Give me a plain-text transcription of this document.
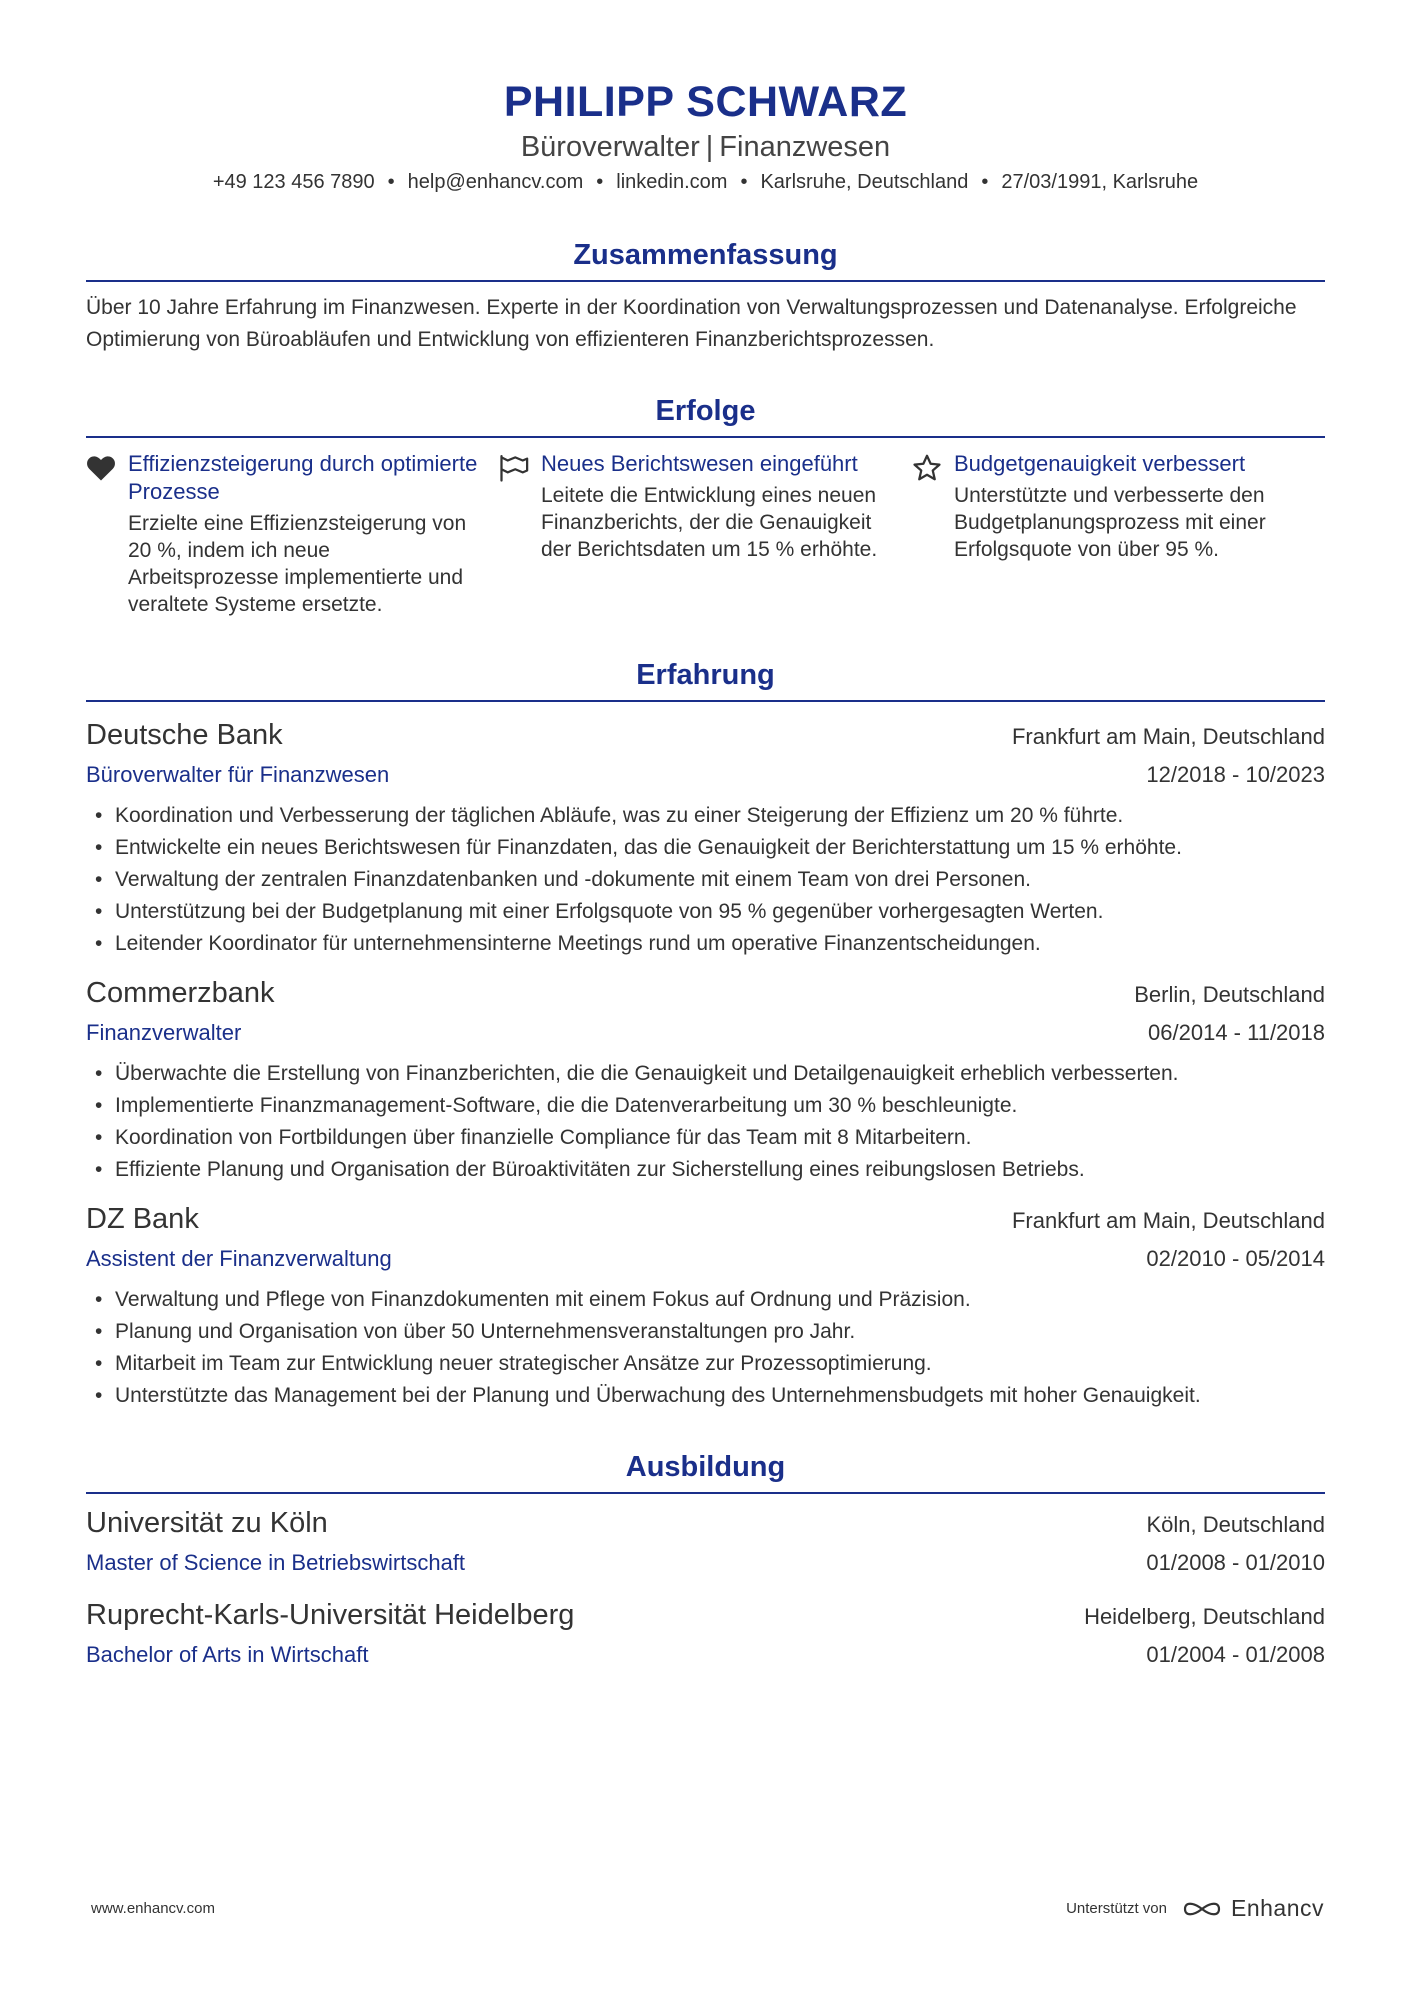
PHILIPP SCHWARZ
Büroverwalter | Finanzwesen
+49 123 456 7890 • help@enhancv.com • linkedin.com • Karlsruhe, Deutschland • 27/03/1991, Karlsruhe
Zusammenfassung
Über 10 Jahre Erfahrung im Finanzwesen. Experte in der Koordination von Verwaltungsprozessen und Datenanalyse. Erfolgreiche Optimierung von Büroabläufen und Entwicklung von effizienteren Finanzberichtsprozessen.
Erfolge
Effizienzsteigerung durch optimierte Prozesse
Erzielte eine Effizienzsteigerung von 20 %, indem ich neue Arbeitsprozesse implementierte und veraltete Systeme ersetzte.
Neues Berichtswesen eingeführt
Leitete die Entwicklung eines neuen Finanzberichts, der die Genauigkeit der Berichtsdaten um 15 % erhöhte.
Budgetgenauigkeit verbessert
Unterstützte und verbesserte den Budgetplanungsprozess mit einer Erfolgsquote von über 95 %.
Erfahrung
Deutsche Bank	Frankfurt am Main, Deutschland
Büroverwalter für Finanzwesen	12/2018 - 10/2023
• Koordination und Verbesserung der täglichen Abläufe, was zu einer Steigerung der Effizienz um 20 % führte.
• Entwickelte ein neues Berichtswesen für Finanzdaten, das die Genauigkeit der Berichterstattung um 15 % erhöhte.
• Verwaltung der zentralen Finanzdatenbanken und -dokumente mit einem Team von drei Personen.
• Unterstützung bei der Budgetplanung mit einer Erfolgsquote von 95 % gegenüber vorhergesagten Werten.
• Leitender Koordinator für unternehmensinterne Meetings rund um operative Finanzentscheidungen.
Commerzbank	Berlin, Deutschland
Finanzverwalter	06/2014 - 11/2018
• Überwachte die Erstellung von Finanzberichten, die die Genauigkeit und Detailgenauigkeit erheblich verbesserten.
• Implementierte Finanzmanagement-Software, die die Datenverarbeitung um 30 % beschleunigte.
• Koordination von Fortbildungen über finanzielle Compliance für das Team mit 8 Mitarbeitern.
• Effiziente Planung und Organisation der Büroaktivitäten zur Sicherstellung eines reibungslosen Betriebs.
DZ Bank	Frankfurt am Main, Deutschland
Assistent der Finanzverwaltung	02/2010 - 05/2014
• Verwaltung und Pflege von Finanzdokumenten mit einem Fokus auf Ordnung und Präzision.
• Planung und Organisation von über 50 Unternehmensveranstaltungen pro Jahr.
• Mitarbeit im Team zur Entwicklung neuer strategischer Ansätze zur Prozessoptimierung.
• Unterstützte das Management bei der Planung und Überwachung des Unternehmensbudgets mit hoher Genauigkeit.
Ausbildung
Universität zu Köln	Köln, Deutschland
Master of Science in Betriebswirtschaft	01/2008 - 01/2010
Ruprecht-Karls-Universität Heidelberg	Heidelberg, Deutschland
Bachelor of Arts in Wirtschaft	01/2004 - 01/2008
www.enhancv.com	Unterstützt von	Enhancv
